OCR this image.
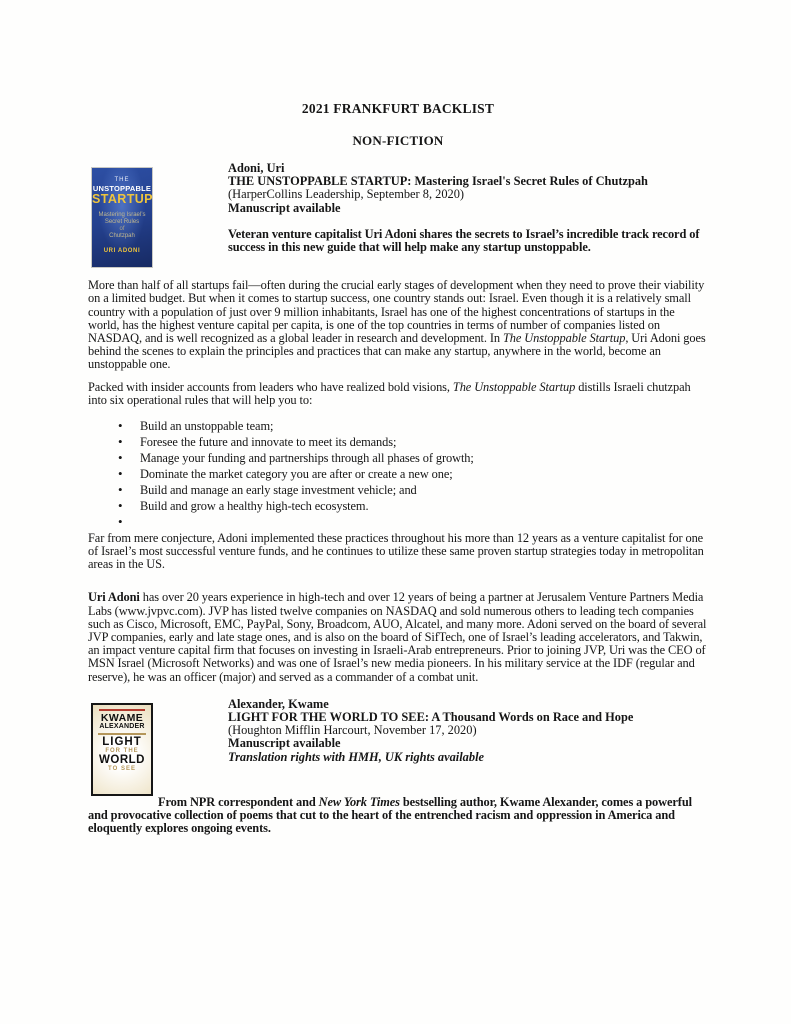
2021 FRANKFURT BACKLIST
NON-FICTION
THE
UNSTOPPABLE
STARTUP
Mastering Israel’s
Secret Rules
of
Chutzpah
URI ADONI
Adoni, Uri
THE UNSTOPPABLE STARTUP: Mastering Israel's Secret Rules of Chutzpah
(HarperCollins Leadership, September 8, 2020)
Manuscript available

Veteran venture capitalist Uri Adoni shares the secrets to Israel’s incredible track record of success in this new guide that will help make any startup unstoppable.

More than half of all startups fail—often during the crucial early stages of development when they need to prove their viability on a limited budget. But when it comes to startup success, one country stands out: Israel. Even though it is a relatively small country with a population of just over 9 million inhabitants, Israel has one of the highest concentrations of startups in the world, has the highest venture capital per capita, is one of the top countries in terms of number of companies listed on NASDAQ, and is well recognized as a global leader in research and development. In The Unstoppable Startup, Uri Adoni goes behind the scenes to explain the principles and practices that can make any startup, anywhere in the world, become an unstoppable one.

Packed with insider accounts from leaders who have realized bold visions, The Unstoppable Startup distills Israeli chutzpah into six operational rules that will help you to:

• Build an unstoppable team;
• Foresee the future and innovate to meet its demands;
• Manage your funding and partnerships through all phases of growth;
• Dominate the market category you are after or create a new one;
• Build and manage an early stage investment vehicle; and
• Build and grow a healthy high-tech ecosystem.
•

Far from mere conjecture, Adoni implemented these practices throughout his more than 12 years as a venture capitalist for one of Israel’s most successful venture funds, and he continues to utilize these same proven startup strategies today in metropolitan areas in the US.

Uri Adoni has over 20 years experience in high-tech and over 12 years of being a partner at Jerusalem Venture Partners Media Labs (www.jvpvc.com). JVP has listed twelve companies on NASDAQ and sold numerous others to leading tech companies such as Cisco, Microsoft, EMC, PayPal, Sony, Broadcom, AUO, Alcatel, and many more. Adoni served on the board of several JVP companies, early and late stage ones, and is also on the board of SifTech, one of Israel’s leading accelerators, and Takwin, an impact venture capital firm that focuses on investing in Israeli-Arab entrepreneurs. Prior to joining JVP, Uri was the CEO of MSN Israel (Microsoft Networks) and was one of Israel’s new media pioneers. In his military service at the IDF (regular and reserve), he was an officer (major) and served as a commander of a combat unit.

KWAME
ALEXANDER
LIGHT
FOR THE
WORLD
TO SEE
Alexander, Kwame
LIGHT FOR THE WORLD TO SEE: A Thousand Words on Race and Hope
(Houghton Mifflin Harcourt, November 17, 2020)
Manuscript available
Translation rights with HMH, UK rights available

From NPR correspondent and New York Times bestselling author, Kwame Alexander, comes a powerful and provocative collection of poems that cut to the heart of the entrenched racism and oppression in America and eloquently explores ongoing events.
